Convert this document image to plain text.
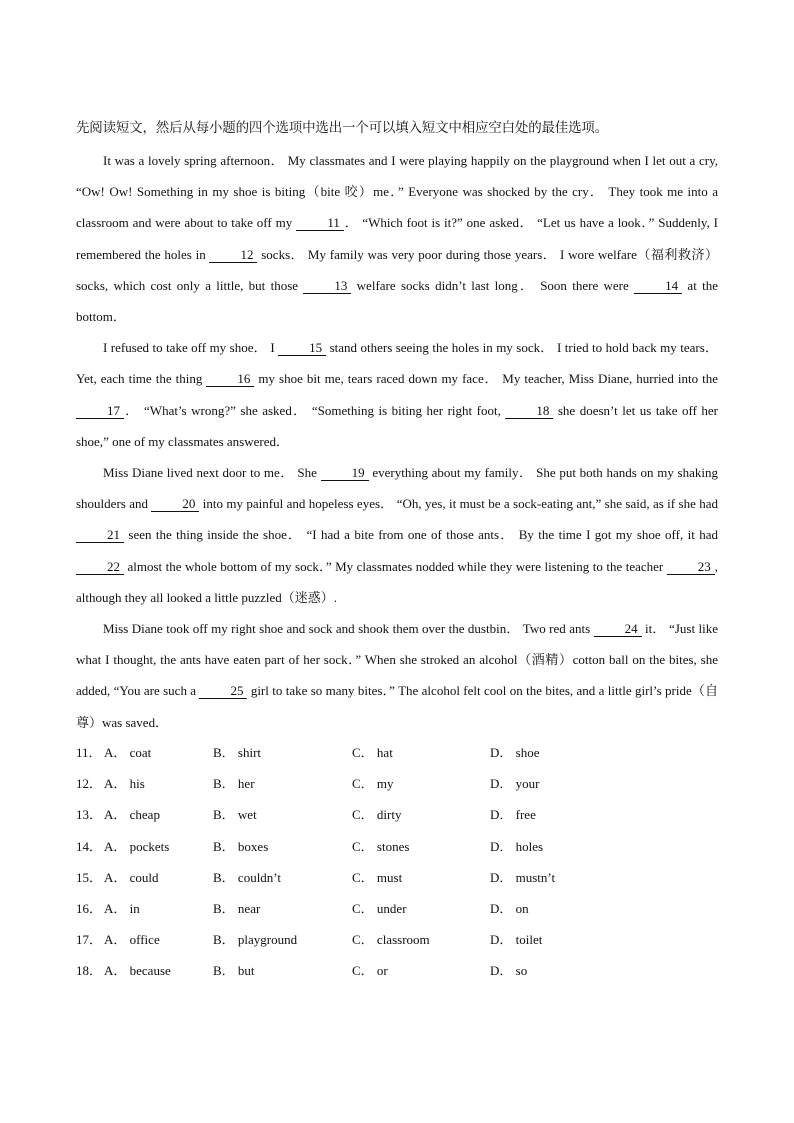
先阅读短文，然后从每小题的四个选项中选出一个可以填入短文中相应空白处的最佳选项。

It was a lovely spring afternoon． My classmates and I were playing happily on the playground when I let out a cry, “Ow! Ow! Something in my shoe is biting（bite 咬）me．” Everyone was shocked by the cry． They took me into a classroom and were about to take off my 11 ． “Which foot is it?” one asked． “Let us have a look．” Suddenly, I remembered the holes in 12 socks． My family was very poor during those years． I wore welfare（福利救济）socks, which cost only a little, but those 13 welfare socks didn’t last long． Soon there were 14 at the bottom．

I refused to take off my shoe． I 15 stand others seeing the holes in my sock． I tried to hold back my tears． Yet, each time the thing 16 my shoe bit me, tears raced down my face． My teacher, Miss Diane, hurried into the 17 ． “What’s wrong?” she asked． “Something is biting her right foot, 18 she doesn’t let us take off her shoe,” one of my classmates answered．

Miss Diane lived next door to me． She 19 everything about my family． She put both hands on my shaking shoulders and 20 into my painful and hopeless eyes． “Oh, yes, it must be a sock-eating ant,” she said, as if she had 21 seen the thing inside the shoe． “I had a bite from one of those ants． By the time I got my shoe off, it had 22 almost the whole bottom of my sock．” My classmates nodded while they were listening to the teacher 23 , although they all looked a little puzzled（迷惑）.

Miss Diane took off my right shoe and sock and shook them over the dustbin． Two red ants 24 it． “Just like what I thought, the ants have eaten part of her sock．” When she stroked an alcohol（酒精）cotton ball on the bites, she added, “You are such a 25 girl to take so many bites．” The alcohol felt cool on the bites, and a little girl’s pride（自尊）was saved．

11． A． coat	B． shirt	C． hat	D． shoe
12． A． his	B． her	C． my	D． your
13． A． cheap	B． wet	C． dirty	D． free
14． A． pockets	B． boxes	C． stones	D． holes
15． A． could	B． couldn’t	C． must	D． mustn’t
16． A． in	B． near	C． under	D． on
17． A． office	B． playground	C． classroom	D． toilet
18． A． because	B． but	C． or	D． so
